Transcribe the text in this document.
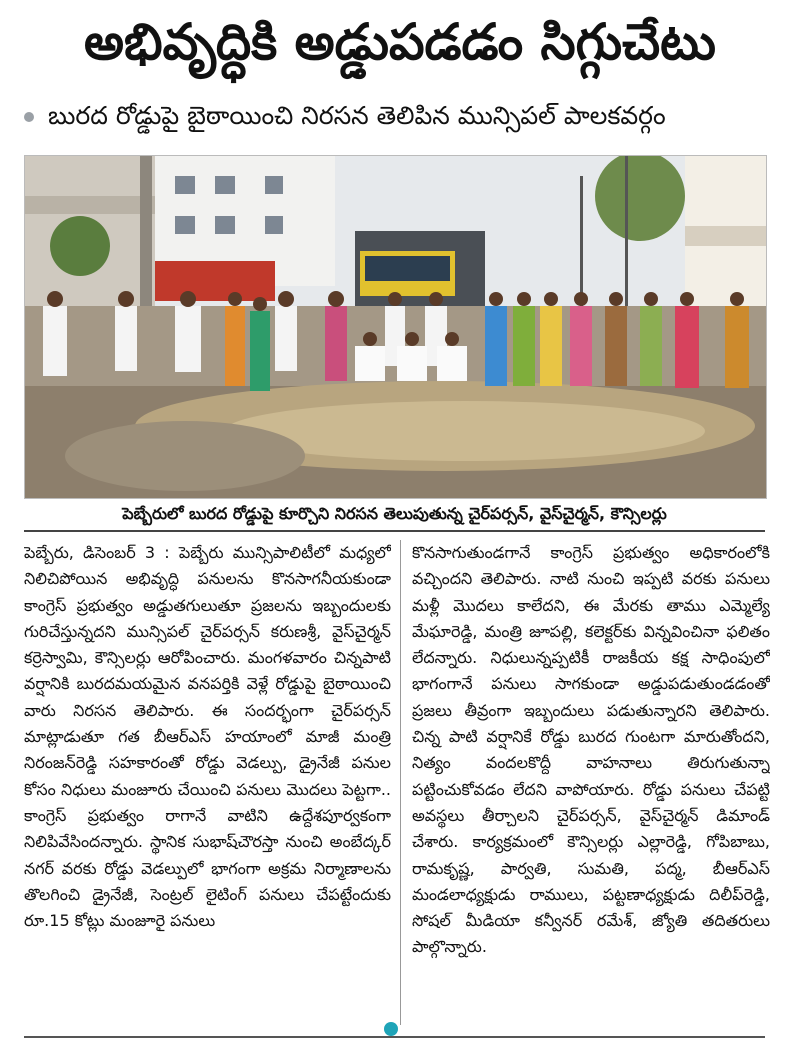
అభివృద్ధికి అడ్డుపడడం సిగ్గుచేటు
బురద రోడ్డుపై బైఠాయించి నిరసన తెలిపిన మున్సిపల్ పాలకవర్గం
పెబ్బేరులో బురద రోడ్డుపై కూర్చొని నిరసన తెలుపుతున్న చైర్‌పర్సన్, వైస్‌చైర్మన్, కౌన్సిలర్లు

పెబ్బేరు, డిసెంబర్ 3 : పెబ్బేరు మున్సిపాలిటీలో మధ్యలో నిలిచిపోయిన అభివృద్ధి పనులను కొనసాగనీయకుండా కాంగ్రెస్ ప్రభుత్వం అడ్డుతగులుతూ ప్రజలను ఇబ్బందులకు గురిచేస్తున్నదని మున్సిపల్ చైర్‌పర్సన్ కరుణశ్రీ, వైస్‌చైర్మన్ కర్రెస్వామి, కౌన్సిలర్లు ఆరోపించారు. మంగళవారం చిన్నపాటి వర్షానికి బురదమయమైన వనపర్తికి వెళ్లే రోడ్డుపై బైఠాయించి వారు నిరసన తెలిపారు. ఈ సందర్భంగా చైర్‌పర్సన్ మాట్లాడుతూ గత బీఆర్‌ఎస్ హయాంలో మాజీ మంత్రి నిరంజన్‌రెడ్డి సహకారంతో రోడ్డు వెడల్పు, డ్రైనేజీ పనుల కోసం నిధులు మంజూరు చేయించి పనులు మొదలు పెట్టగా.. కాంగ్రెస్ ప్రభుత్వం రాగానే వాటిని ఉద్దేశపూర్వకంగా నిలిపివేసిందన్నారు. స్థానిక సుభాష్‌చౌరస్తా నుంచి అంబేద్కర్ నగర్ వరకు రోడ్డు వెడల్పులో భాగంగా అక్రమ నిర్మాణాలను తొలగించి డ్రైనేజీ, సెంట్రల్ లైటింగ్ పనులు చేపట్టేందుకు రూ.15 కోట్లు మంజూరై పనులు

కొనసాగుతుండగానే కాంగ్రెస్ ప్రభుత్వం అధికారంలోకి వచ్చిందని తెలిపారు. నాటి నుంచి ఇప్పటి వరకు పనులు మళ్లీ మొదలు కాలేదని, ఈ మేరకు తాము ఎమ్మెల్యే మేఘారెడ్డి, మంత్రి జూపల్లి, కలెక్టర్‌కు విన్నవించినా ఫలితం లేదన్నారు. నిధులున్నప్పటికీ రాజకీయ కక్ష సాధింపులో భాగంగానే పనులు సాగకుండా అడ్డుపడుతుండడంతో ప్రజలు తీవ్రంగా ఇబ్బందులు పడుతున్నారని తెలిపారు. చిన్న పాటి వర్షానికే రోడ్డు బురద గుంటగా మారుతోందని, నిత్యం వందలకొద్దీ వాహనాలు తిరుగుతున్నా పట్టించుకోవడం లేదని వాపోయారు. రోడ్డు పనులు చేపట్టి అవస్థలు తీర్చాలని చైర్‌పర్సన్, వైస్‌చైర్మన్ డిమాండ్ చేశారు. కార్యక్రమంలో కౌన్సిలర్లు ఎల్లారెడ్డి, గోపిబాబు, రామకృష్ణ, పార్వతి, సుమతి, పద్మ, బీఆర్‌ఎస్ మండలాధ్యక్షుడు రాములు, పట్టణాధ్యక్షుడు దిలీప్‌రెడ్డి, సోషల్ మీడియా కన్వీనర్ రమేశ్, జ్యోతి తదితరులు పాల్గొన్నారు.
